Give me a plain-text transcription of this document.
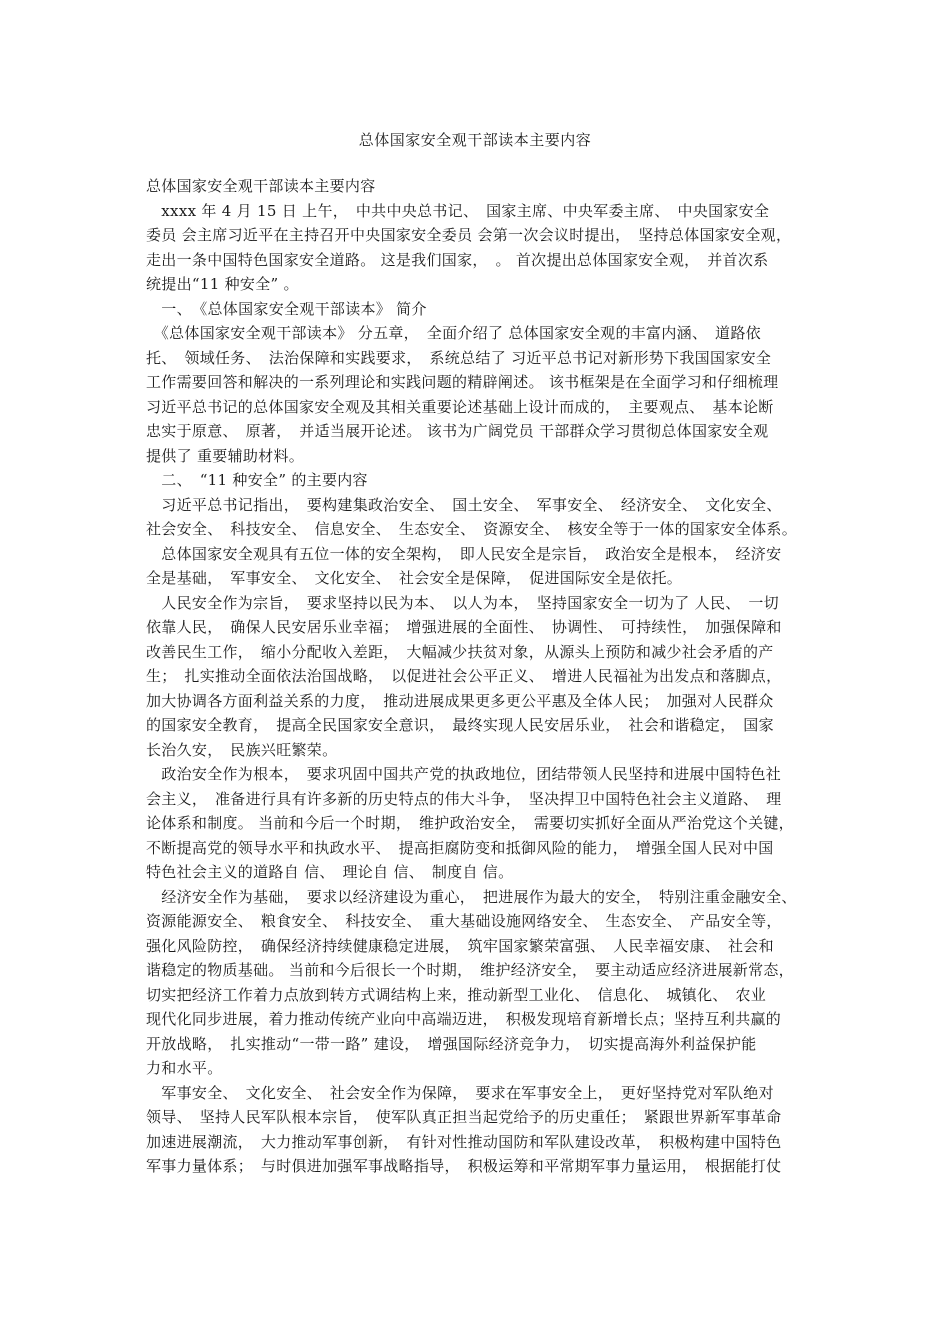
总体国家安全观干部读本主要内容
总体国家安全观干部读本主要内容
　xxxx 年 4 月 15 日 上午，　中共中央总书记、　国家主席、中央军委主席、　中央国家安全
委员 会主席习近平在主持召开中央国家安全委员 会第一次会议时提出，　坚持总体国家安全观，
走出一条中国特色国家安全道路。 这是我们国家，　。 首次提出总体国家安全观，　并首次系
统提出“11 种安全” 。
　一、　《总体国家安全观干部读本》 简介
　《总体国家安全观干部读本》 分五章，　全面介绍了 总体国家安全观的丰富内涵、　道路依
托、　领域任务、　法治保障和实践要求，　系统总结了 习近平总书记对新形势下我国国家安全
工作需要回答和解决的一系列理论和实践问题的精辟阐述。 该书框架是在全面学习和仔细梳理
习近平总书记的总体国家安全观及其相关重要论述基础上设计而成的，　主要观点、　基本论断
忠实于原意、　原著，　并适当展开论述。 该书为广阔党员 干部群众学习贯彻总体国家安全观
提供了 重要辅助材料。
　二、　“11 种安全” 的主要内容
　习近平总书记指出，　要构建集政治安全、　国土安全、　军事安全、　经济安全、　文化安全、
社会安全、　科技安全、　信息安全、　生态安全、　资源安全、　核安全等于一体的国家安全体系。
　总体国家安全观具有五位一体的安全架构，　即人民安全是宗旨，　政治安全是根本，　经济安
全是基础，　军事安全、　文化安全、　社会安全是保障，　促进国际安全是依托。
　人民安全作为宗旨，　要求坚持以民为本、　以人为本，　坚持国家安全一切为了 人民、　一切
依靠人民，　确保人民安居乐业幸福；　增强进展的全面性、　协调性、　可持续性，　加强保障和
改善民生工作，　缩小分配收入差距，　大幅减少扶贫对象，从源头上预防和减少社会矛盾的产
生；　扎实推动全面依法治国战略，　以促进社会公平正义、　增进人民福祉为出发点和落脚点，
加大协调各方面利益关系的力度，　推动进展成果更多更公平惠及全体人民；　加强对人民群众
的国家安全教育，　提高全民国家安全意识，　最终实现人民安居乐业，　社会和谐稳定，　国家
长治久安，　民族兴旺繁荣。
　政治安全作为根本，　要求巩固中国共产党的执政地位，团结带领人民坚持和进展中国特色社
会主义，　准备进行具有许多新的历史特点的伟大斗争，　坚决捍卫中国特色社会主义道路、　理
论体系和制度。 当前和今后一个时期，　维护政治安全，　需要切实抓好全面从严治党这个关键，
不断提高党的领导水平和执政水平、　提高拒腐防变和抵御风险的能力，　增强全国人民对中国
特色社会主义的道路自 信、　理论自 信、　制度自 信。
　经济安全作为基础，　要求以经济建设为重心，　把进展作为最大的安全，　特别注重金融安全、
资源能源安全、　粮食安全、　科技安全、　重大基础设施网络安全、　生态安全、　产品安全等，
强化风险防控，　确保经济持续健康稳定进展，　筑牢国家繁荣富强、　人民幸福安康、　社会和
谐稳定的物质基础。 当前和今后很长一个时期，　维护经济安全，　要主动适应经济进展新常态，
切实把经济工作着力点放到转方式调结构上来，推动新型工业化、　信息化、　城镇化、　农业
现代化同步进展，着力推动传统产业向中高端迈进，　积极发现培育新增长点；坚持互利共赢的
开放战略，　扎实推动“一带一路” 建设，　增强国际经济竞争力，　切实提高海外利益保护能
力和水平。
　军事安全、　文化安全、　社会安全作为保障，　要求在军事安全上，　更好坚持党对军队绝对
领导、　坚持人民军队根本宗旨，　使军队真正担当起党给予的历史重任；　紧跟世界新军事革命
加速进展潮流，　大力推动军事创新，　有针对性推动国防和军队建设改革，　积极构建中国特色
军事力量体系；　与时俱进加强军事战略指导，　积极运筹和平常期军事力量运用，　根据能打仗
